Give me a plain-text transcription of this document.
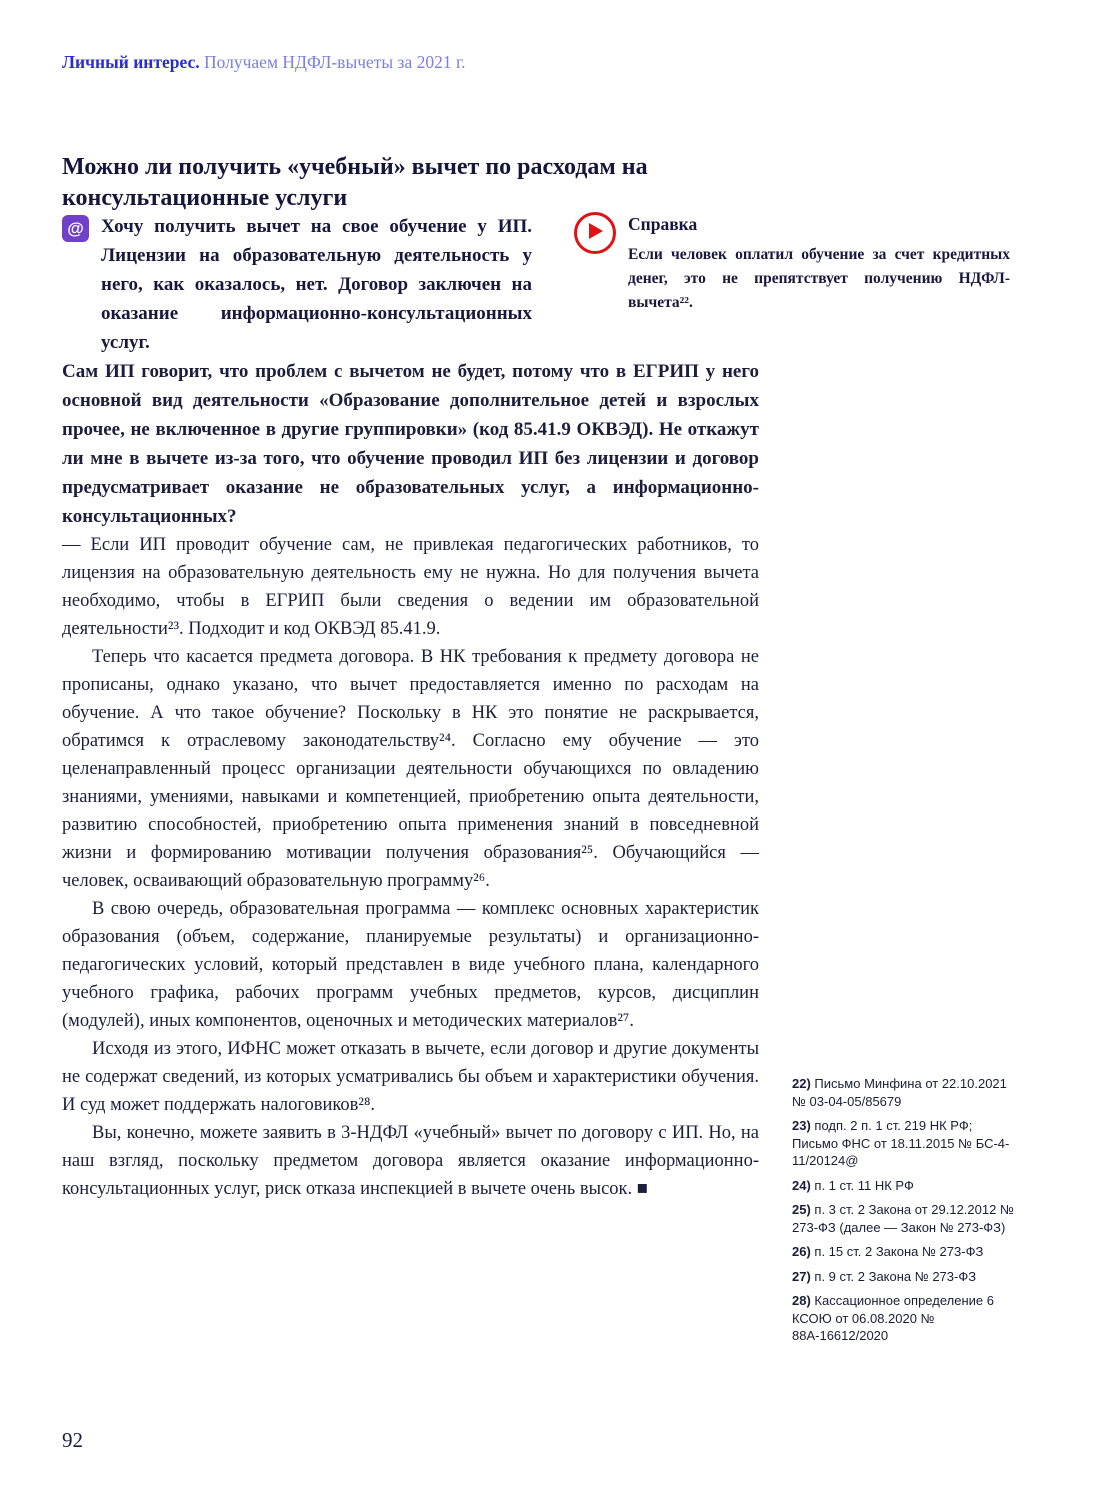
Личный интерес. Получаем НДФЛ-вычеты за 2021 г.
Можно ли получить «учебный» вычет по расходам на консультационные услуги
@ Хочу получить вычет на свое обучение у ИП. Лицензии на образовательную деятельность у него, как оказалось, нет. Договор заключен на оказание информационно-консультационных услуг.
Справка
Если человек оплатил обучение за счет кредитных денег, это не препятствует получению НДФЛ-вычета²².

Сам ИП говорит, что проблем с вычетом не будет, потому что в ЕГРИП у него основной вид деятельности «Образование дополнительное детей и взрослых прочее, не включенное в другие группировки» (код 85.41.9 ОКВЭД). Не откажут ли мне в вычете из-за того, что обучение проводил ИП без лицензии и договор предусматривает оказание не образовательных услуг, а информационно-консультационных?

— Если ИП проводит обучение сам, не привлекая педагогических работников, то лицензия на образовательную деятельность ему не нужна. Но для получения вычета необходимо, чтобы в ЕГРИП были сведения о ведении им образовательной деятельности²³. Подходит и код ОКВЭД 85.41.9.

Теперь что касается предмета договора. В НК требования к предмету договора не прописаны, однако указано, что вычет предоставляется именно по расходам на обучение. А что такое обучение? Поскольку в НК это понятие не раскрывается, обратимся к отраслевому законодательству²⁴. Согласно ему обучение — это целенаправленный процесс организации деятельности обучающихся по овладению знаниями, умениями, навыками и компетенцией, приобретению опыта деятельности, развитию способностей, приобретению опыта применения знаний в повседневной жизни и формированию мотивации получения образования²⁵. Обучающийся — человек, осваивающий образовательную программу²⁶.

В свою очередь, образовательная программа — комплекс основных характеристик образования (объем, содержание, планируемые результаты) и организационно-педагогических условий, который представлен в виде учебного плана, календарного учебного графика, рабочих программ учебных предметов, курсов, дисциплин (модулей), иных компонентов, оценочных и методических материалов²⁷.

Исходя из этого, ИФНС может отказать в вычете, если договор и другие документы не содержат сведений, из которых усматривались бы объем и характеристики обучения. И суд может поддержать налоговиков²⁸.

Вы, конечно, можете заявить в 3-НДФЛ «учебный» вычет по договору с ИП. Но, на наш взгляд, поскольку предметом договора является оказание информационно-консультационных услуг, риск отказа инспекцией в вычете очень высок. ■

22) Письмо Минфина от 22.10.2021 № 03-04-05/85679
23) подп. 2 п. 1 ст. 219 НК РФ; Письмо ФНС от 18.11.2015 № БС-4-11/20124@
24) п. 1 ст. 11 НК РФ
25) п. 3 ст. 2 Закона от 29.12.2012 № 273-ФЗ (далее — Закон № 273-ФЗ)
26) п. 15 ст. 2 Закона № 273-ФЗ
27) п. 9 ст. 2 Закона № 273-ФЗ
28) Кассационное определение 6 КСОЮ от 06.08.2020 № 88А-16612/2020
92
